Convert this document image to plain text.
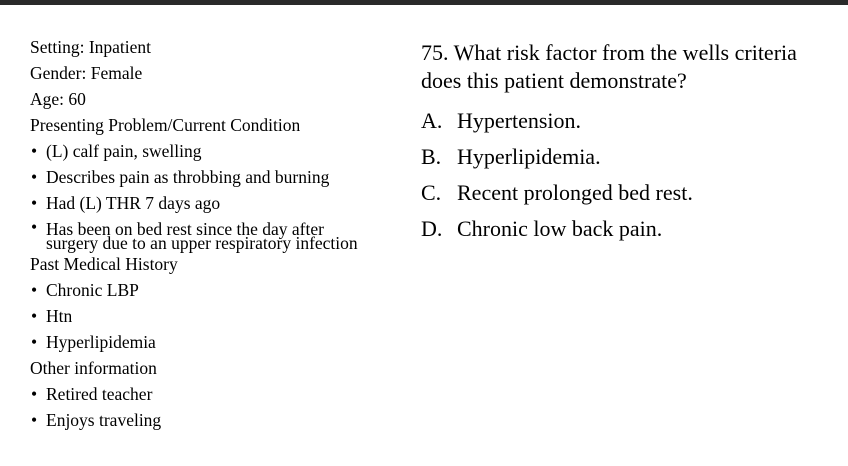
Setting: Inpatient
Gender: Female
Age: 60
Presenting Problem/Current Condition
• (L) calf pain, swelling
• Describes pain as throbbing and burning
• Had (L) THR 7 days ago
• Has been on bed rest since the day after surgery due to an upper respiratory infection
Past Medical History
• Chronic LBP
• Htn
• Hyperlipidemia
Other information
• Retired teacher
• Enjoys traveling
75. What risk factor from the wells criteria does this patient demonstrate?
A. Hypertension.
B. Hyperlipidemia.
C. Recent prolonged bed rest.
D. Chronic low back pain.
